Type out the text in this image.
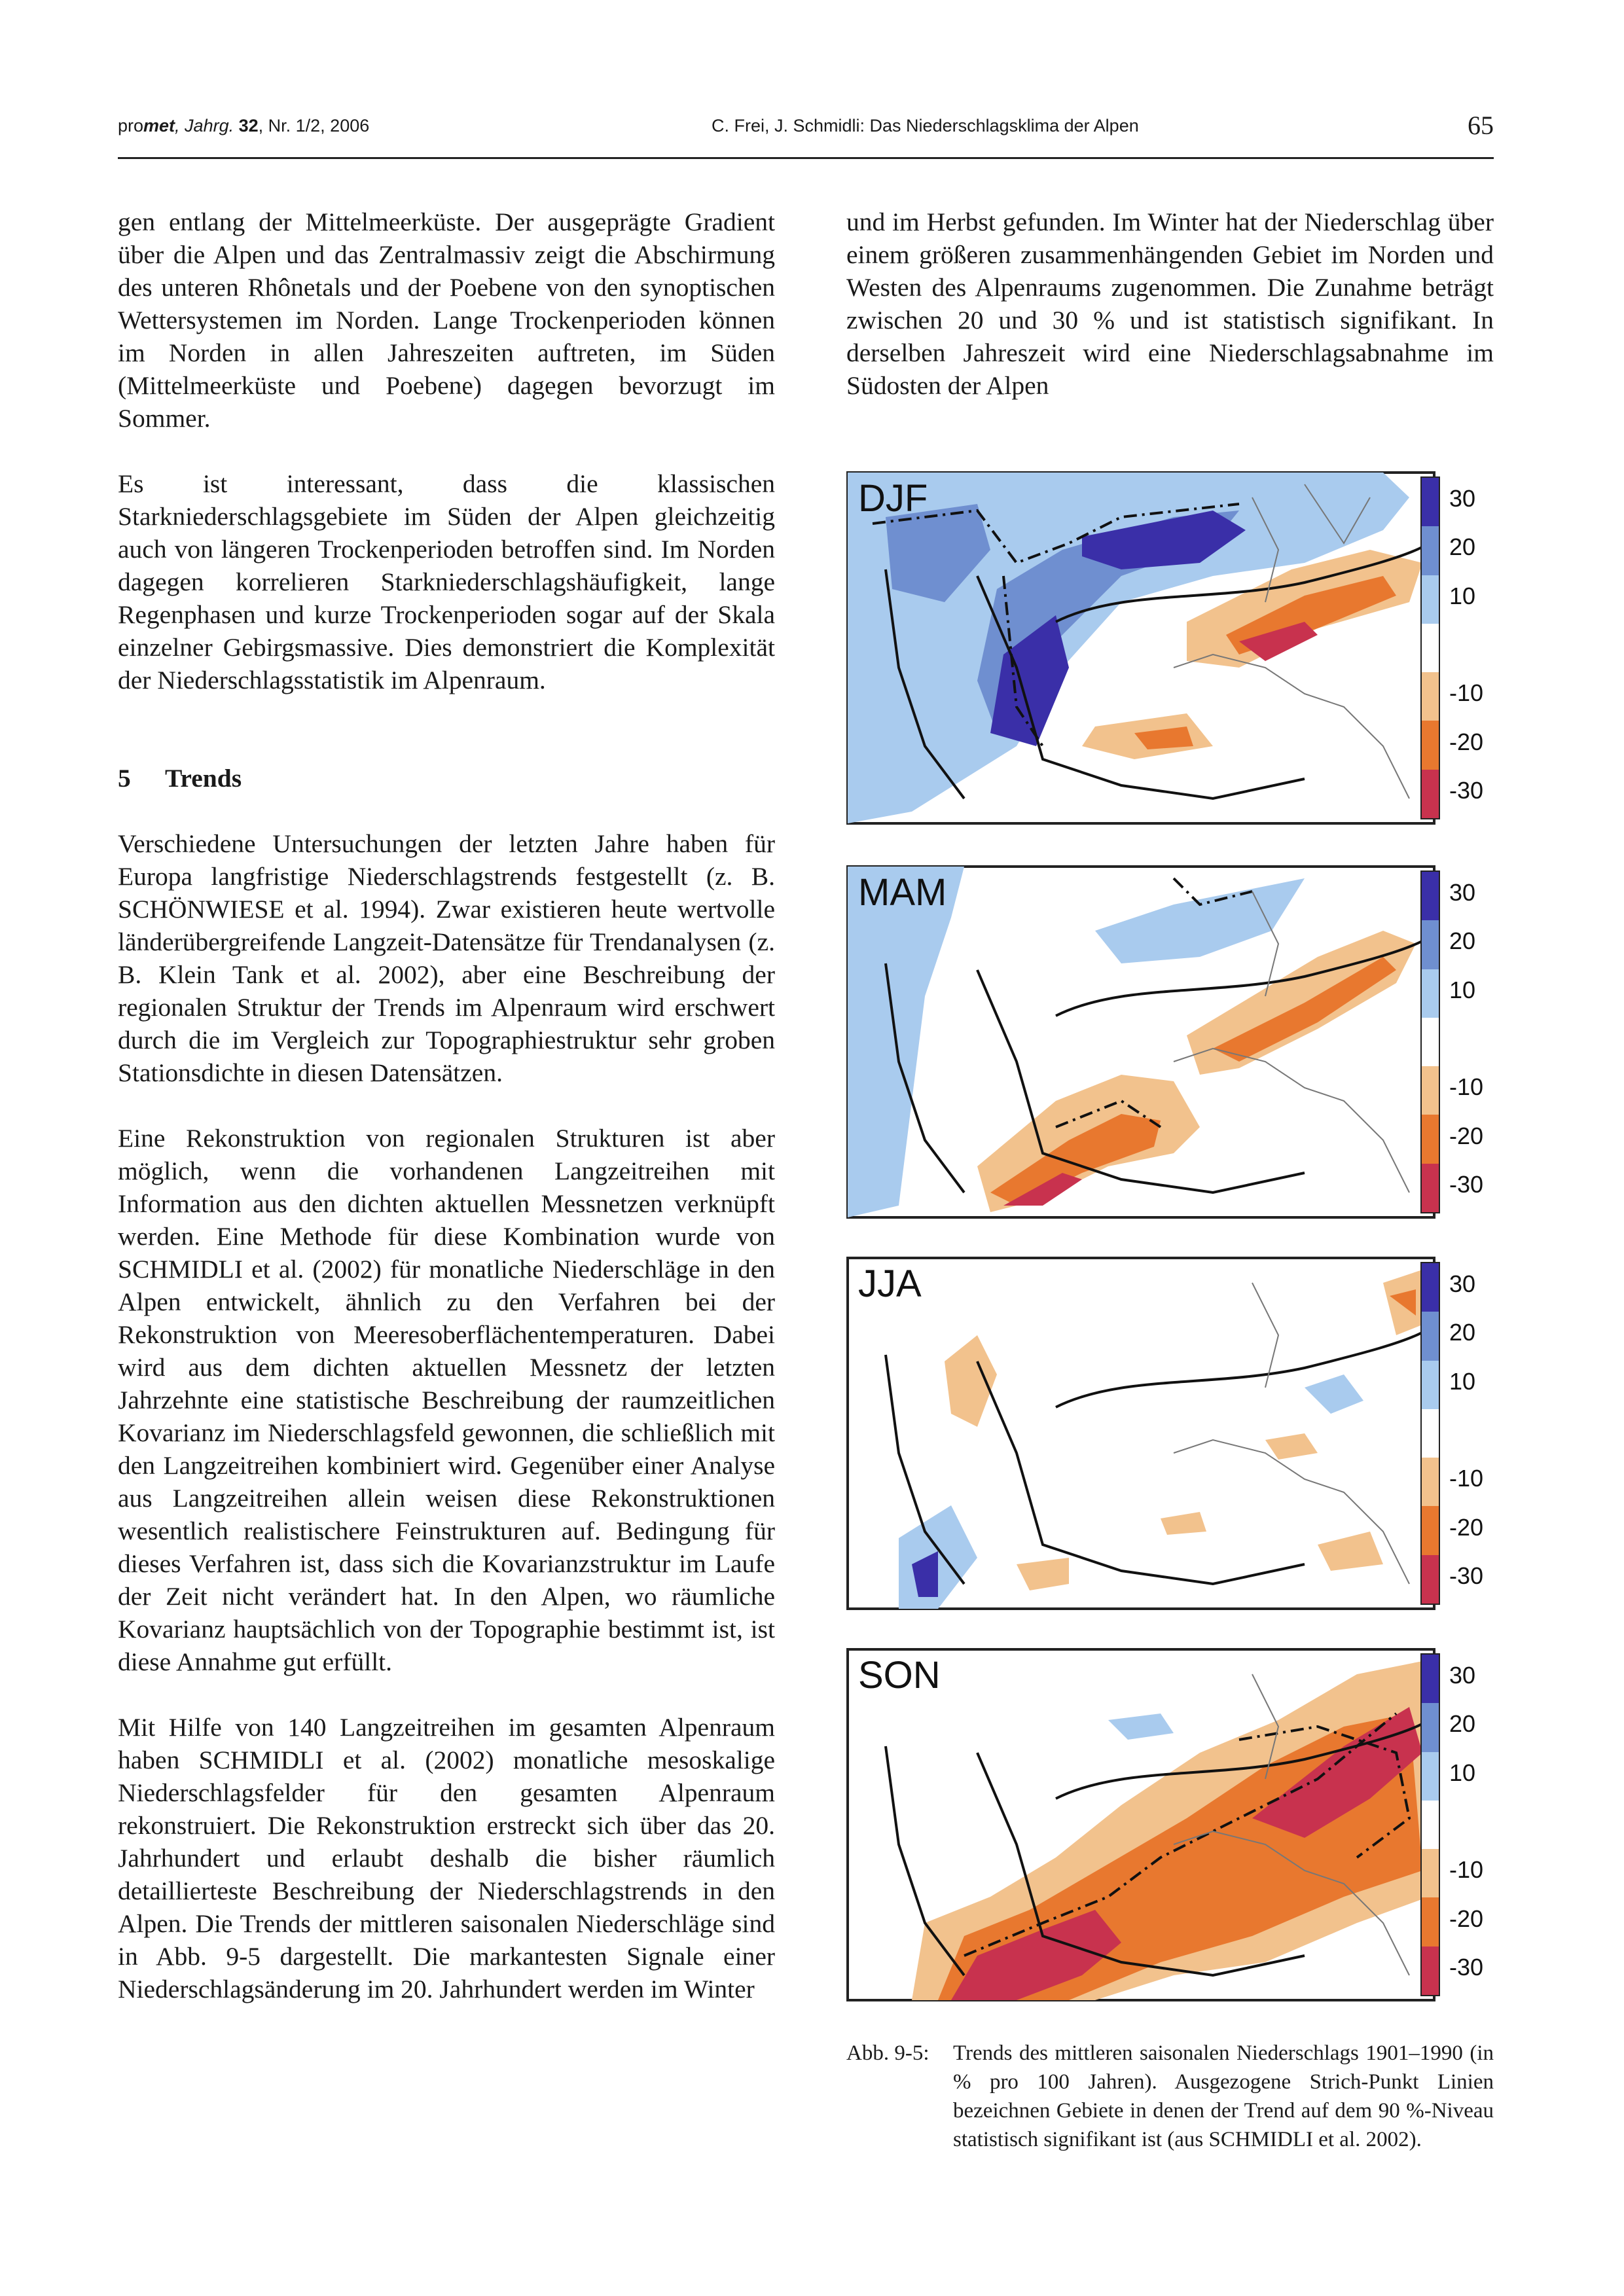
promet, Jahrg. 32, Nr. 1/2, 2006	C. Frei, J. Schmidli: Das Niederschlagsklima der Alpen	65

gen entlang der Mittelmeerküste. Der ausgeprägte Gradient über die Alpen und das Zentralmassiv zeigt die Abschirmung des unteren Rhônetals und der Poebene von den synoptischen Wettersystemen im Norden. Lange Trockenperioden können im Norden in allen Jahreszeiten auftreten, im Süden (Mittelmeerküste und Poebene) dagegen bevorzugt im Sommer.

Es ist interessant, dass die klassischen Starkniederschlagsgebiete im Süden der Alpen gleichzeitig auch von längeren Trockenperioden betroffen sind. Im Norden dagegen korrelieren Starkniederschlagshäufigkeit, lange Regenphasen und kurze Trockenperioden sogar auf der Skala einzelner Gebirgsmassive. Dies demonstriert die Komplexität der Niederschlagsstatistik im Alpenraum.

5 Trends

Verschiedene Untersuchungen der letzten Jahre haben für Europa langfristige Niederschlagstrends festgestellt (z. B. SCHÖNWIESE et al. 1994). Zwar existieren heute wertvolle länderübergreifende Langzeit-Datensätze für Trendanalysen (z. B. Klein Tank et al. 2002), aber eine Beschreibung der regionalen Struktur der Trends im Alpenraum wird erschwert durch die im Vergleich zur Topographiestruktur sehr groben Stationsdichte in diesen Datensätzen.

Eine Rekonstruktion von regionalen Strukturen ist aber möglich, wenn die vorhandenen Langzeitreihen mit Information aus den dichten aktuellen Messnetzen verknüpft werden. Eine Methode für diese Kombination wurde von SCHMIDLI et al. (2002) für monatliche Niederschläge in den Alpen entwickelt, ähnlich zu den Verfahren bei der Rekonstruktion von Meeresoberflächentemperaturen. Dabei wird aus dem dichten aktuellen Messnetz der letzten Jahrzehnte eine statistische Beschreibung der raumzeitlichen Kovarianz im Niederschlagsfeld gewonnen, die schließlich mit den Langzeitreihen kombiniert wird. Gegenüber einer Analyse aus Langzeitreihen allein weisen diese Rekonstruktionen wesentlich realistischere Feinstrukturen auf. Bedingung für dieses Verfahren ist, dass sich die Kovarianzstruktur im Laufe der Zeit nicht verändert hat. In den Alpen, wo räumliche Kovarianz hauptsächlich von der Topographie bestimmt ist, ist diese Annahme gut erfüllt.

Mit Hilfe von 140 Langzeitreihen im gesamten Alpenraum haben SCHMIDLI et al. (2002) monatliche mesoskalige Niederschlagsfelder für den gesamten Alpenraum rekonstruiert. Die Rekonstruktion erstreckt sich über das 20. Jahrhundert und erlaubt deshalb die bisher räumlich detaillierteste Beschreibung der Niederschlagstrends in den Alpen. Die Trends der mittleren saisonalen Niederschläge sind in Abb. 9-5 dargestellt. Die markantesten Signale einer Niederschlagsänderung im 20. Jahrhundert werden im Winter

und im Herbst gefunden. Im Winter hat der Niederschlag über einem größeren zusammenhängenden Gebiet im Norden und Westen des Alpenraums zugenommen. Die Zunahme beträgt zwischen 20 und 30 % und ist statistisch signifikant. In derselben Jahreszeit wird eine Niederschlagsabnahme im Südosten der Alpen

DJF
MAM
JJA
SON
30
20
10
-10
-20
-30
30
20
10
-10
-20
-30
30
20
10
-10
-20
-30
30
20
10
-10
-20
-30
Abb. 9-5: Trends des mittleren saisonalen Niederschlags 1901–1990 (in % pro 100 Jahren). Ausgezogene Strich-Punkt Linien bezeichnen Gebiete in denen der Trend auf dem 90 %-Niveau statistisch signifikant ist (aus SCHMIDLI et al. 2002).
